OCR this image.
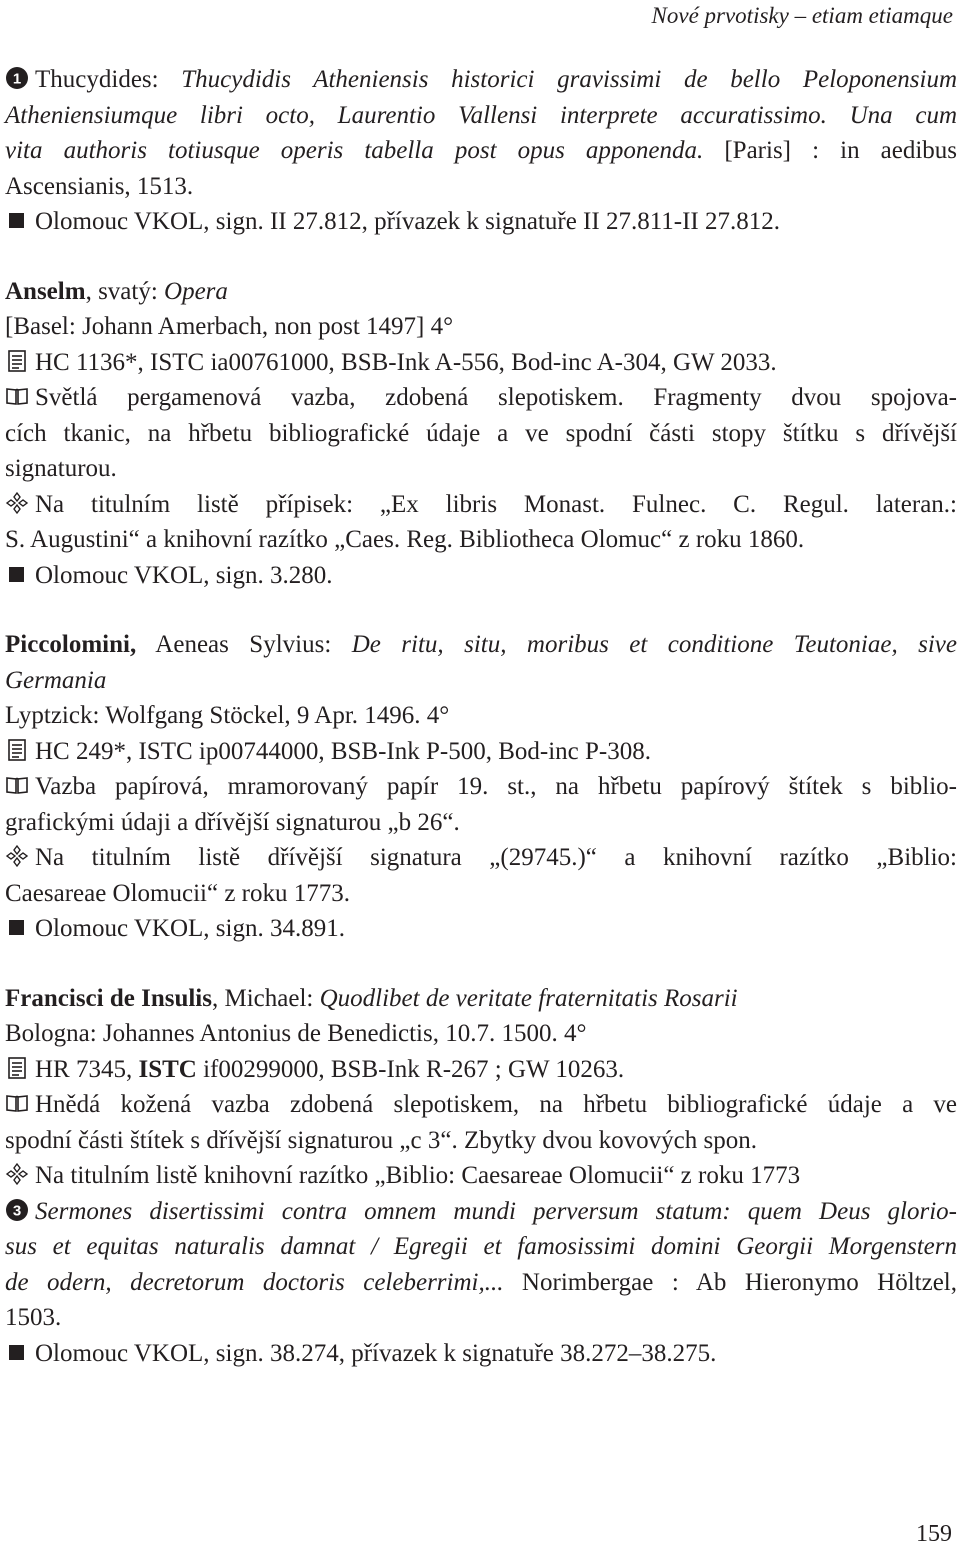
Nové prvotisky – etiam etiamque
1 Thucydides: Thucydidis Atheniensis historici gravissimi de bello Peloponensium
Atheniensiumque libri octo, Laurentio Vallensi interprete accuratissimo. Una cum
vita authoris totiusque operis tabella post opus apponenda. [Paris] : in aedibus
Ascensianis, 1513.
Olomouc VKOL, sign. II 27.812, přívazek k signatuře II 27.811-II 27.812.
Anselm, svatý: Opera
[Basel: Johann Amerbach, non post 1497] 4°
HC 1136*, ISTC ia00761000, BSB-Ink A-556, Bod-inc A-304, GW 2033.
Světlá pergamenová vazba, zdobená slepotiskem. Fragmenty dvou spojova-
cích tkanic, na hřbetu bibliografické údaje a ve spodní části stopy štítku s dřívější
signaturou.
Na titulním listě přípisek: „Ex libris Monast. Fulnec. C. Regul. lateran.:
S. Augustini“ a knihovní razítko „Caes. Reg. Bibliotheca Olomuc“ z roku 1860.
Olomouc VKOL, sign. 3.280.
Piccolomini, Aeneas Sylvius: De ritu, situ, moribus et conditione Teutoniae, sive
Germania
Lyptzick: Wolfgang Stöckel, 9 Apr. 1496. 4°
HC 249*, ISTC ip00744000, BSB-Ink P-500, Bod-inc P-308.
Vazba papírová, mramorovaný papír 19. st., na hřbetu papírový štítek s biblio-
grafickými údaji a dřívější signaturou „b 26“.
Na titulním listě dřívější signatura „(29745.)“ a knihovní razítko „Biblio:
Caesareae Olomucii“ z roku 1773.
Olomouc VKOL, sign. 34.891.
Francisci de Insulis, Michael: Quodlibet de veritate fraternitatis Rosarii
Bologna: Johannes Antonius de Benedictis, 10.7. 1500. 4°
HR 7345, ISTC if00299000, BSB-Ink R-267 ; GW 10263.
Hnědá kožená vazba zdobená slepotiskem, na hřbetu bibliografické údaje a ve
spodní části štítek s dřívější signaturou „c 3“. Zbytky dvou kovových spon.
Na titulním listě knihovní razítko „Biblio: Caesareae Olomucii“ z roku 1773
3 Sermones disertissimi contra omnem mundi perversum statum: quem Deus glorio-
sus et equitas naturalis damnat / Egregii et famosissimi domini Georgii Morgenstern
de odern, decretorum doctoris celeberrimi,... Norimbergae : Ab Hieronymo Höltzel,
1503.
Olomouc VKOL, sign. 38.274, přívazek k signatuře 38.272–38.275.
159
